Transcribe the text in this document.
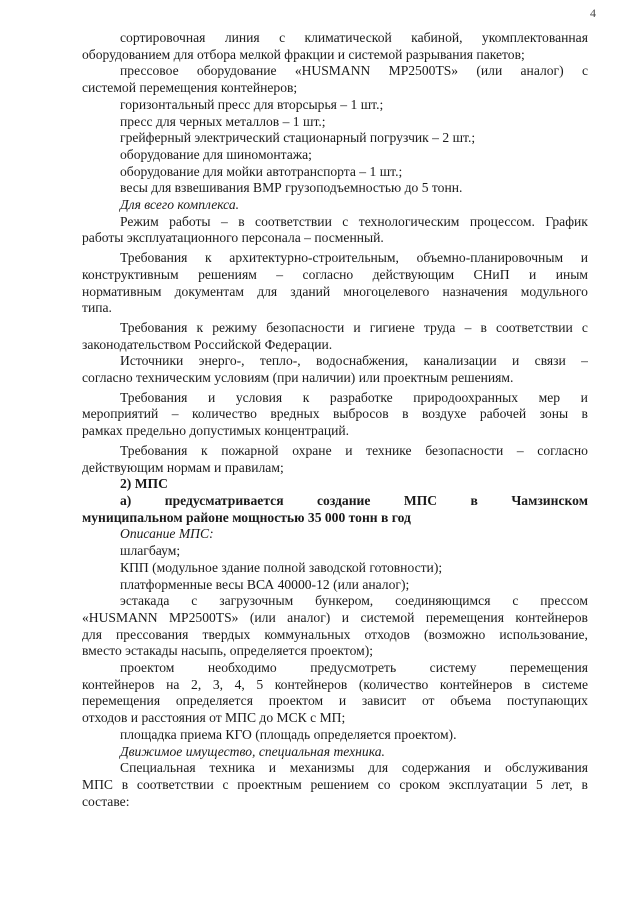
4
сортировочная линия с климатической кабиной, укомплектованная
оборудованием для отбора мелкой фракции и системой разрывания пакетов;
прессовое оборудование «HUSMANN MP2500TS» (или аналог) с
системой перемещения контейнеров;
горизонтальный пресс для вторсырья – 1 шт.;
пресс для черных металлов – 1 шт.;
грейферный электрический стационарный погрузчик – 2 шт.;
оборудование для шиномонтажа;
оборудование для мойки автотранспорта – 1 шт.;
весы для взвешивания ВМР грузоподъемностью до 5 тонн.
Для всего комплекса.
Режим работы – в соответствии с технологическим процессом. График
работы эксплуатационного персонала – посменный.
Требования к архитектурно-строительным, объемно-планировочным и
конструктивным решениям – согласно действующим СНиП и иным
нормативным документам для зданий многоцелевого назначения модульного
типа.
Требования к режиму безопасности и гигиене труда – в соответствии с
законодательством Российской Федерации.
Источники энерго-, тепло-, водоснабжения, канализации и связи –
согласно техническим условиям (при наличии) или проектным решениям.
Требования и условия к разработке природоохранных мер и
мероприятий – количество вредных выбросов в воздухе рабочей зоны в
рамках предельно допустимых концентраций.
Требования к пожарной охране и технике безопасности – согласно
действующим нормам и правилам;
2) МПС
а) предусматривается создание МПС в Чамзинском
муниципальном районе мощностью 35 000 тонн в год
Описание МПС:
шлагбаум;
КПП (модульное здание полной заводской готовности);
платформенные весы ВСА 40000-12 (или аналог);
эстакада с загрузочным бункером, соединяющимся с прессом
«HUSMANN MP2500TS» (или аналог) и системой перемещения контейнеров
для прессования твердых коммунальных отходов (возможно использование,
вместо эстакады насыпь, определяется проектом);
проектом необходимо предусмотреть систему перемещения
контейнеров на 2, 3, 4, 5 контейнеров (количество контейнеров в системе
перемещения определяется проектом и зависит от объема поступающих
отходов и расстояния от МПС до МСК с МП;
площадка приема КГО (площадь определяется проектом).
Движимое имущество, специальная техника.
Специальная техника и механизмы для содержания и обслуживания
МПС в соответствии с проектным решением со сроком эксплуатации 5 лет, в
составе:
